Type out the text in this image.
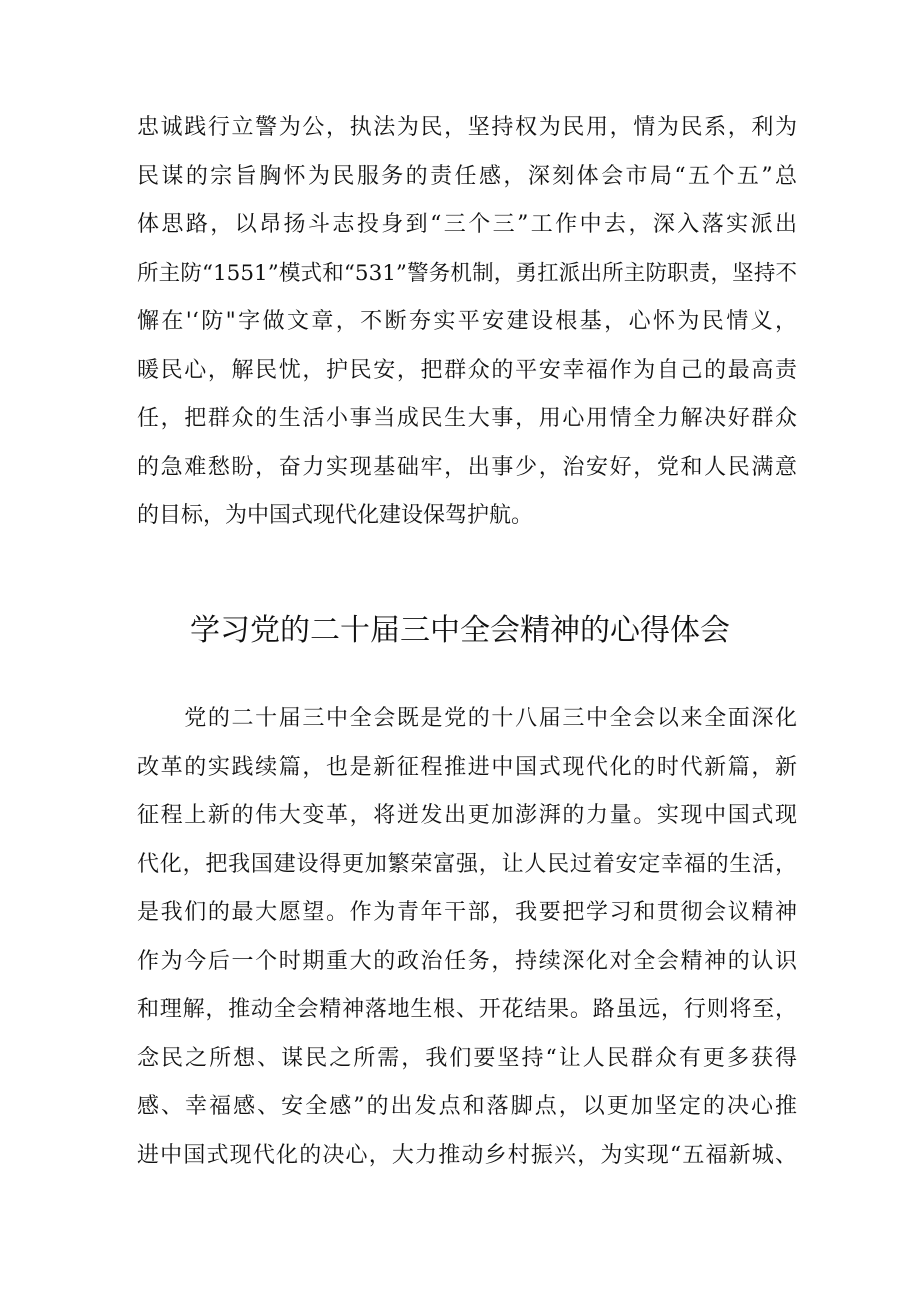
忠诚践行立警为公，执法为民，坚持权为民用，情为民系，利为
民谋的宗旨胸怀为民服务的责任感，深刻体会市局“五个五”总
体思路，以昂扬斗志投身到“三个三”工作中去，深入落实派出
所主防“1551”模式和“531”警务机制，勇扛派出所主防职责，坚持不
懈在'‘防"字做文章，不断夯实平安建设根基，心怀为民情义，
暖民心，解民忧，护民安，把群众的平安幸福作为自己的最高责
任，把群众的生活小事当成民生大事，用心用情全力解决好群众
的急难愁盼，奋力实现基础牢，出事少，治安好，党和人民满意
的目标，为中国式现代化建设保驾护航。
学习党的二十届三中全会精神的心得体会
　　党的二十届三中全会既是党的十八届三中全会以来全面深化
改革的实践续篇，也是新征程推进中国式现代化的时代新篇，新
征程上新的伟大变革，将迸发出更加澎湃的力量。实现中国式现
代化，把我国建设得更加繁荣富强，让人民过着安定幸福的生活，
是我们的最大愿望。作为青年干部，我要把学习和贯彻会议精神
作为今后一个时期重大的政治任务，持续深化对全会精神的认识
和理解，推动全会精神落地生根、开花结果。路虽远，行则将至，
念民之所想、谋民之所需，我们要坚持“让人民群众有更多获得
感、幸福感、安全感”的出发点和落脚点，以更加坚定的决心推
进中国式现代化的决心，大力推动乡村振兴，为实现“五福新城、
